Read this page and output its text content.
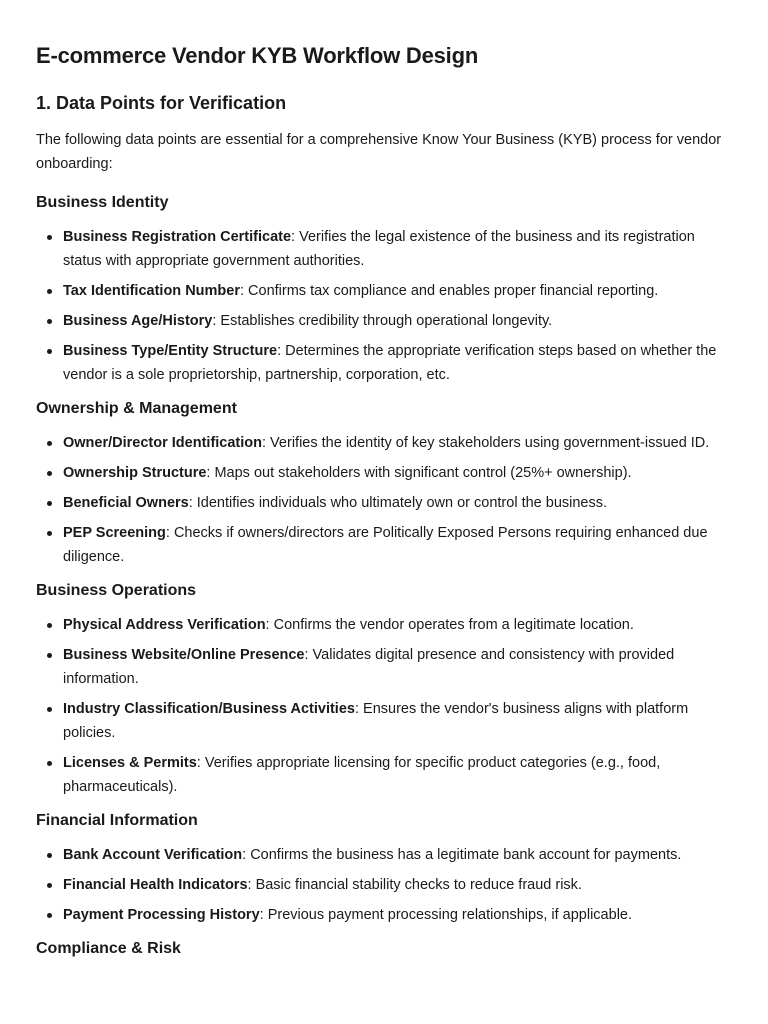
E-commerce Vendor KYB Workflow Design
1. Data Points for Verification

The following data points are essential for a comprehensive Know Your Business (KYB) process for vendor onboarding:

Business Identity
Business Registration Certificate: Verifies the legal existence of the business and its registration status with appropriate government authorities.
Tax Identification Number: Confirms tax compliance and enables proper financial reporting.
Business Age/History: Establishes credibility through operational longevity.
Business Type/Entity Structure: Determines the appropriate verification steps based on whether the vendor is a sole proprietorship, partnership, corporation, etc.
Ownership & Management
Owner/Director Identification: Verifies the identity of key stakeholders using government-issued ID.
Ownership Structure: Maps out stakeholders with significant control (25%+ ownership).
Beneficial Owners: Identifies individuals who ultimately own or control the business.
PEP Screening: Checks if owners/directors are Politically Exposed Persons requiring enhanced due diligence.
Business Operations
Physical Address Verification: Confirms the vendor operates from a legitimate location.
Business Website/Online Presence: Validates digital presence and consistency with provided information.
Industry Classification/Business Activities: Ensures the vendor's business aligns with platform policies.
Licenses & Permits: Verifies appropriate licensing for specific product categories (e.g., food, pharmaceuticals).
Financial Information
Bank Account Verification: Confirms the business has a legitimate bank account for payments.
Financial Health Indicators: Basic financial stability checks to reduce fraud risk.
Payment Processing History: Previous payment processing relationships, if applicable.
Compliance & Risk
